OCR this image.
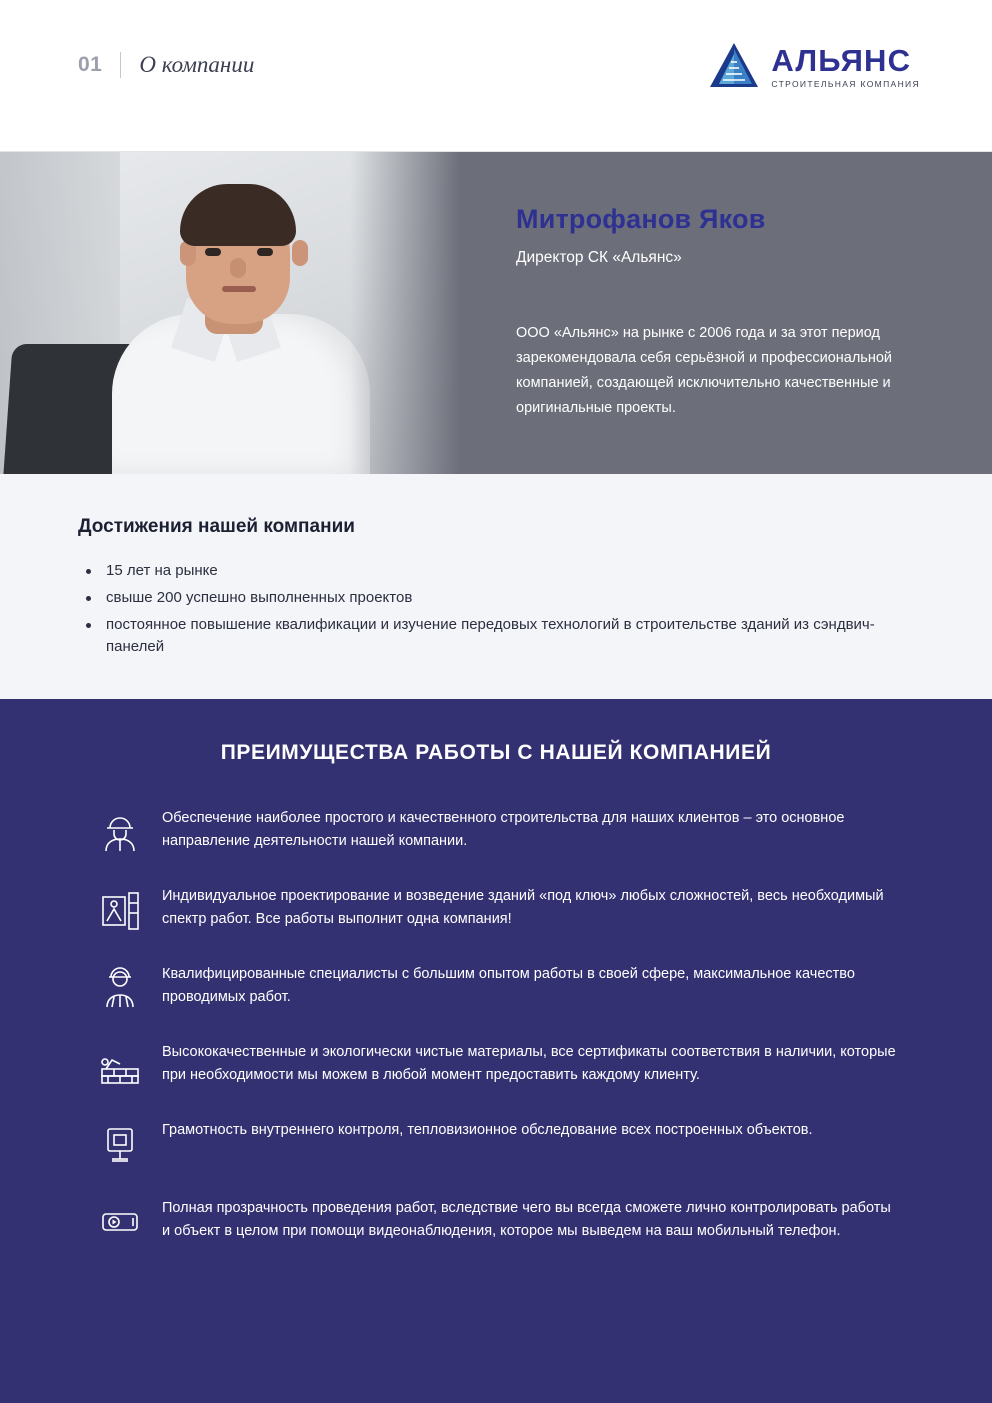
01 О компании	АЛЬЯНС
СТРОИТЕЛЬНАЯ КОМПАНИЯ
Митрофанов Яков
Директор СК «Альянс»
ООО «Альянс» на рынке с 2006 года и за этот период зарекомендовала себя серьёзной и профессиональной компанией, создающей исключительно качественные и оригинальные проекты.
Достижения нашей компании
15 лет на рынке
свыше 200 успешно выполненных проектов
постоянное повышение квалификации и изучение передовых технологий в строительстве зданий из сэндвич-панелей
ПРЕИМУЩЕСТВА РАБОТЫ С НАШЕЙ КОМПАНИЕЙ
Обеспечение наиболее простого и качественного строительства для наших клиентов – это основное направление деятельности нашей компании.
Индивидуальное проектирование и возведение зданий «под ключ» любых сложностей, весь необходимый спектр работ. Все работы выполнит одна компания!
Квалифицированные специалисты с большим опытом работы в своей сфере, максимальное качество проводимых работ.
Высококачественные и экологически чистые материалы, все сертификаты соответствия в наличии, которые при необходимости мы можем в любой момент предоставить каждому клиенту.
Грамотность внутреннего контроля, тепловизионное обследование всех построенных объектов.
Полная прозрачность проведения работ, вследствие чего вы всегда сможете лично контролировать работы и объект в целом при помощи видеонаблюдения, которое мы выведем на ваш мобильный телефон.
